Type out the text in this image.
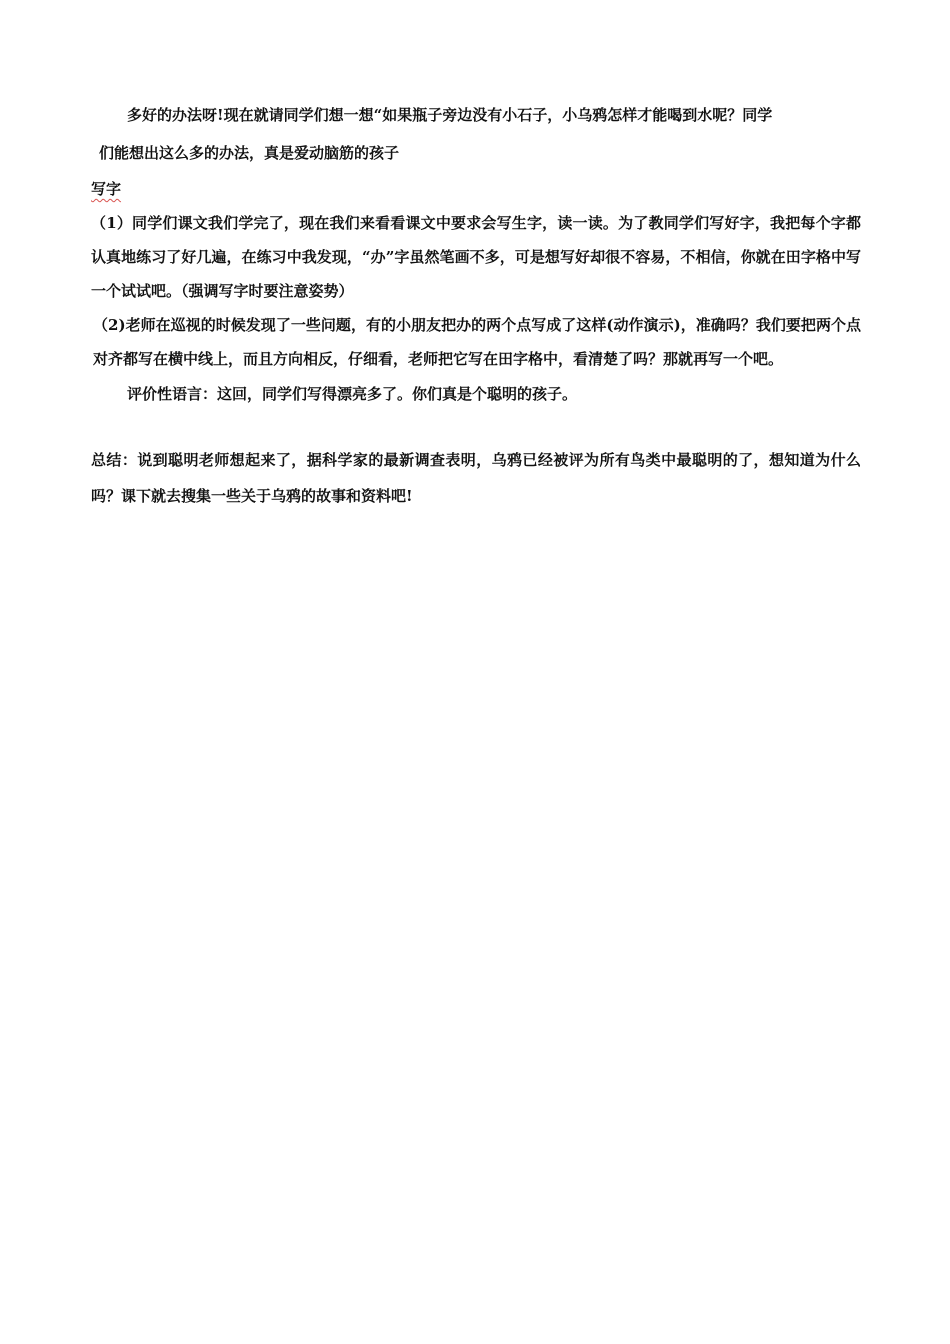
多好的办法呀!现在就请同学们想一想“如果瓶子旁边没有小石子，小乌鸦怎样才能喝到水呢？同学
们能想出这么多的办法，真是爱动脑筋的孩子

写字

（1）同学们课文我们学完了，现在我们来看看课文中要求会写生字，读一读。为了教同学们写好字，我把每个字都认真地练习了好几遍，在练习中我发现，“办”字虽然笔画不多，可是想写好却很不容易，不相信，你就在田字格中写一个试试吧。（强调写字时要注意姿势）

（2)老师在巡视的时候发现了一些问题，有的小朋友把办的两个点写成了这样(动作演示)，准确吗？我们要把两个点对齐都写在横中线上，而且方向相反，仔细看，老师把它写在田字格中，看清楚了吗？那就再写一个吧。

评价性语言：这回，同学们写得漂亮多了。你们真是个聪明的孩子。

总结：说到聪明老师想起来了，据科学家的最新调查表明，乌鸦已经被评为所有鸟类中最聪明的了，想知道为什么吗？课下就去搜集一些关于乌鸦的故事和资料吧!
